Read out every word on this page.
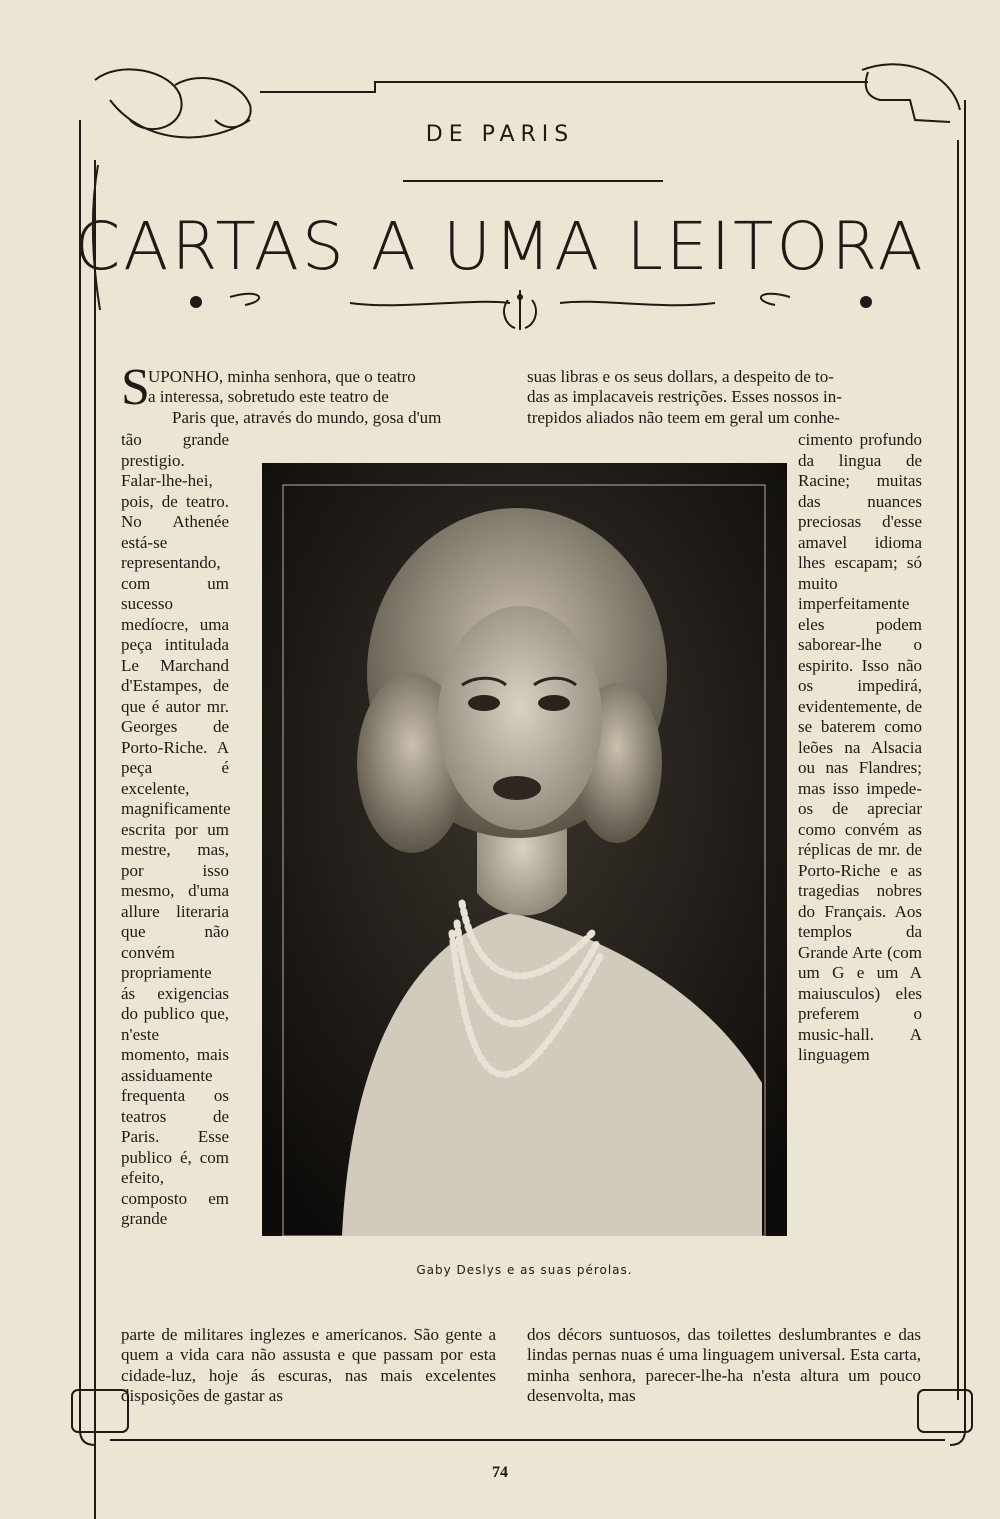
DE PARIS
CARTAS A UMA LEITORA
S

UPONHO, minha senhora, que o teatro

a interessa, sobretudo este teatro de

Paris que, através do mundo, gosa d'um

suas libras e os seus dollars, a despeito de to-

das as implacaveis restrições. Esses nossos in-

trepidos aliados não teem em geral um conhe-

tão grande prestigio. Falar-lhe-hei, pois, de teatro. No Athenée está-se representando, com um sucesso medíocre, uma peça intitulada Le Marchand d'Estampes, de que é autor mr. Georges de Porto-Riche. A peça é excelente, magnificamente escrita por um mestre, mas, por isso mesmo, d'uma allure literaria que não convém propriamente ás exigencias do publico que, n'este momento, mais assiduamente frequenta os teatros de Paris. Esse publico é, com efeito, composto em grande
cimento profundo da lingua de Racine; muitas das nuances preciosas d'esse amavel idioma lhes escapam; só muito imperfeitamente eles podem saborear-lhe o espirito. Isso não os impedirá, evidentemente, de se baterem como leões na Alsacia ou nas Flandres; mas isso impede-os de apreciar como convém as réplicas de mr. de Porto-Riche e as tragedias nobres do Français. Aos templos da Grande Arte (com um G e um A maiusculos) eles preferem o music-hall. A linguagem
Gaby Deslys e as suas pérolas.
parte de militares inglezes e americanos. São gente a quem a vida cara não assusta e que passam por esta cidade-luz, hoje ás escuras, nas mais excelentes disposições de gastar as
dos décors suntuosos, das toilettes deslumbrantes e das lindas pernas nuas é uma linguagem universal. Esta carta, minha senhora, parecer-lhe-ha n'esta altura um pouco desenvolta, mas
74
